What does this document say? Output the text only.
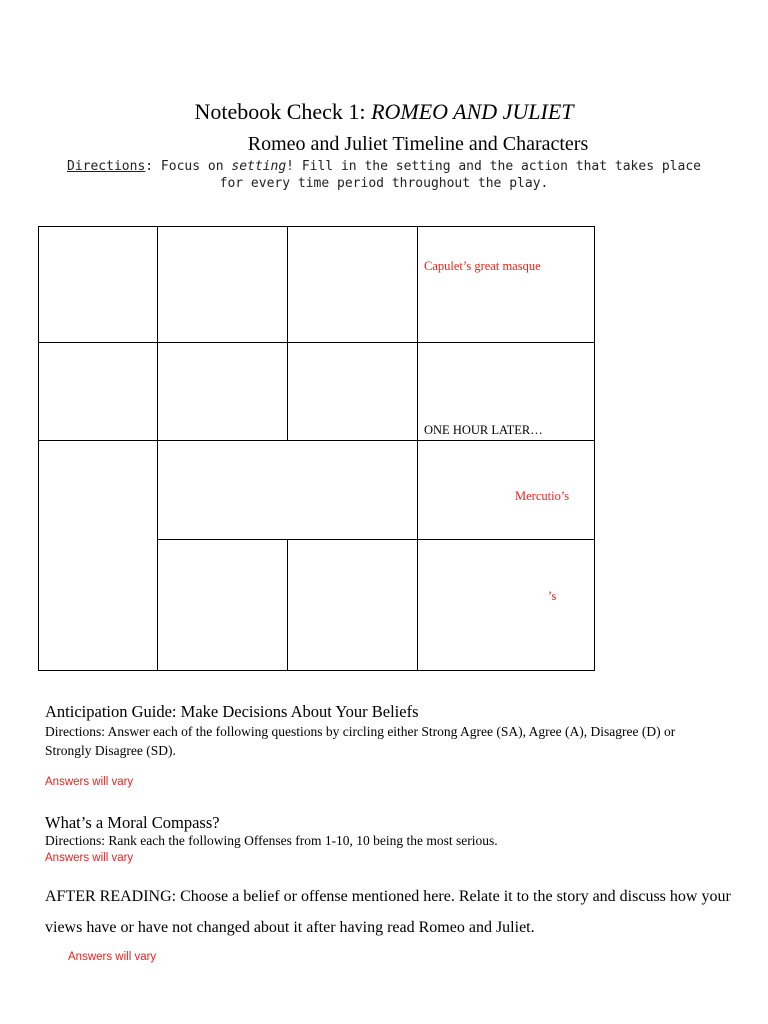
Notebook Check 1: ROMEO AND JULIET
Romeo and Juliet Timeline and Characters
Directions: Focus on setting! Fill in the setting and the action that takes place for every time period throughout the play.
Capulet’s great masque
ONE HOUR LATER…
Mercutio’s
’s
Anticipation Guide: Make Decisions About Your Beliefs
Directions: Answer each of the following questions by circling either Strong Agree (SA), Agree (A), Disagree (D) or Strongly Disagree (SD).
Answers will vary
What’s a Moral Compass?
Directions: Rank each the following Offenses from 1-10, 10 being the most serious.
Answers will vary
AFTER READING: Choose a belief or offense mentioned here. Relate it to the story and discuss how your views have or have not changed about it after having read Romeo and Juliet.
Answers will vary
